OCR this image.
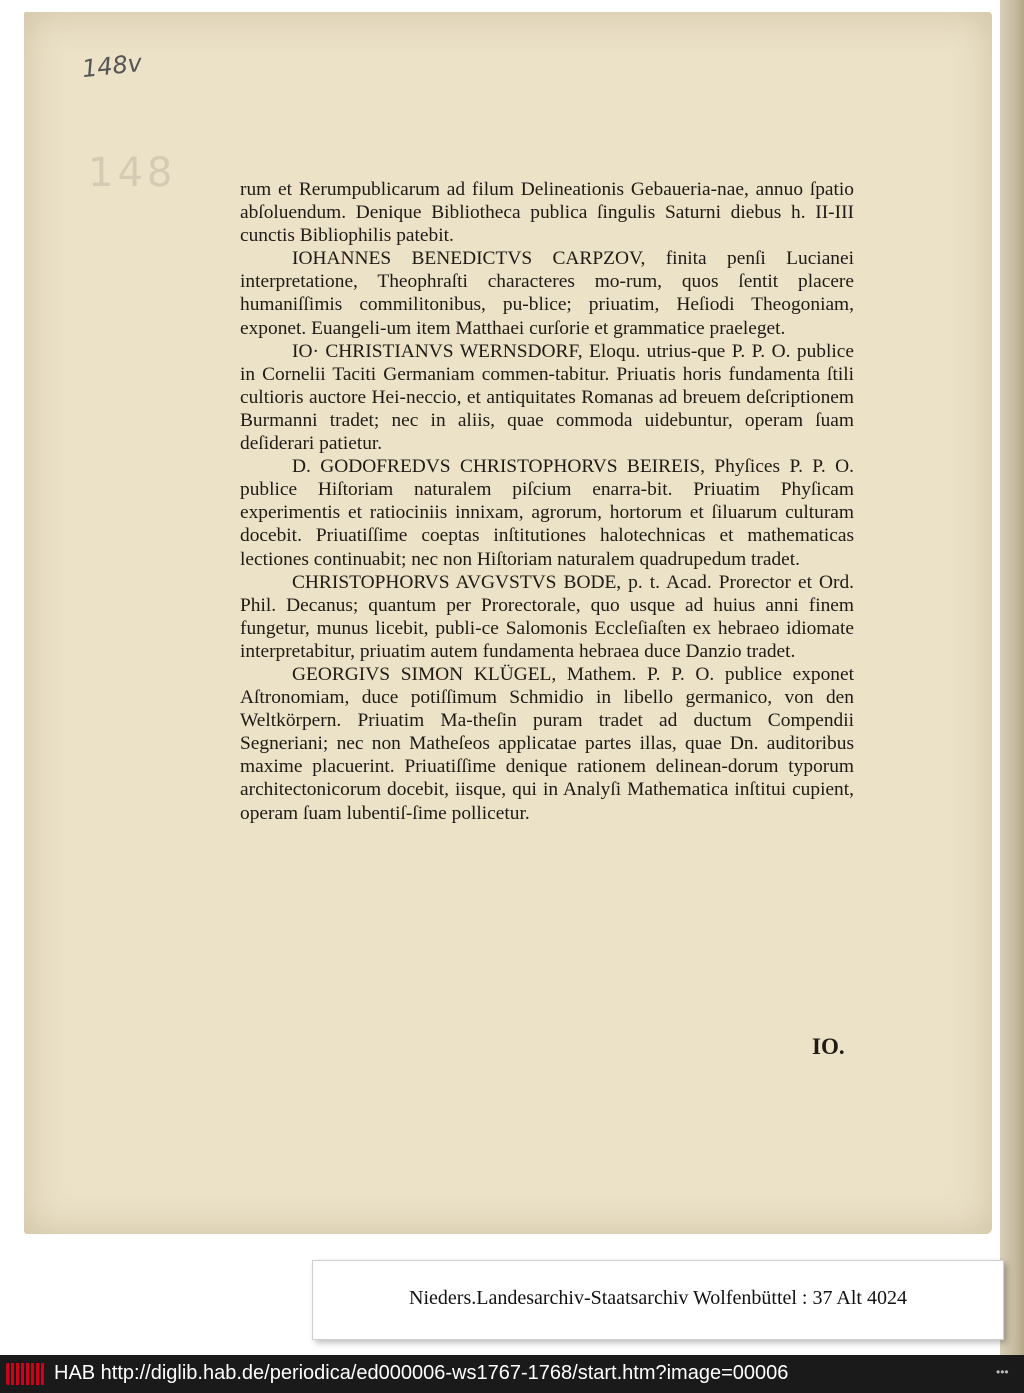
148v
148	rum et Rerumpublicarum ad filum Delineationis Gebaueria-nae, annuo ſpatio abſoluendum. Denique Bibliotheca publica ſingulis Saturni diebus h. II-III cunctis Bibliophilis patebit.

IOHANNES BENEDICTVS CARPZOV, finita penſi Lucianei interpretatione, Theophraſti characteres mo-rum, quos ſentit placere humaniſſimis commilitonibus, pu-blice; priuatim, Heſiodi Theogoniam, exponet. Euangeli-um item Matthaei curſorie et grammatice praeleget.

IO· CHRISTIANVS WERNSDORF, Eloqu. utrius-que P. P. O. publice in Cornelii Taciti Germaniam commen-tabitur. Priuatis horis fundamenta ſtili cultioris auctore Hei-neccio, et antiquitates Romanas ad breuem deſcriptionem Burmanni tradet; nec in aliis, quae commoda uidebuntur, operam ſuam deſiderari patietur.

D. GODOFREDVS CHRISTOPHORVS BEIREIS, Phyſices P. P. O. publice Hiſtoriam naturalem piſcium enarra-bit. Priuatim Phyſicam experimentis et ratiociniis innixam, agrorum, hortorum et ſiluarum culturam docebit. Priuatiſſime coeptas inſtitutiones halotechnicas et mathematicas lectiones continuabit; nec non Hiſtoriam naturalem quadrupedum tradet.

CHRISTOPHORVS AVGVSTVS BODE, p. t. Acad. Prorector et Ord. Phil. Decanus; quantum per Prorectorale, quo usque ad huius anni finem fungetur, munus licebit, publi-ce Salomonis Eccleſiaſten ex hebraeo idiomate interpretabitur, priuatim autem fundamenta hebraea duce Danzio tradet.

GEORGIVS SIMON KLÜGEL, Mathem. P. P. O. publice exponet Aſtronomiam, duce potiſſimum Schmidio in libello germanico, von den Weltkörpern. Priuatim Ma-theſin puram tradet ad ductum Compendii Segneriani; nec non Matheſeos applicatae partes illas, quae Dn. auditoribus maxime placuerint. Priuatiſſime denique rationem delinean-dorum typorum architectonicorum docebit, iisque, qui in Analyſi Mathematica inſtitui cupient, operam ſuam lubentiſ-ſime pollicetur.

IO.
Nieders.Landesarchiv-Staatsarchiv Wolfenbüttel : 37 Alt 4024
HAB http://diglib.hab.de/periodica/ed000006-ws1767-1768/start.htm?image=00006	•••
